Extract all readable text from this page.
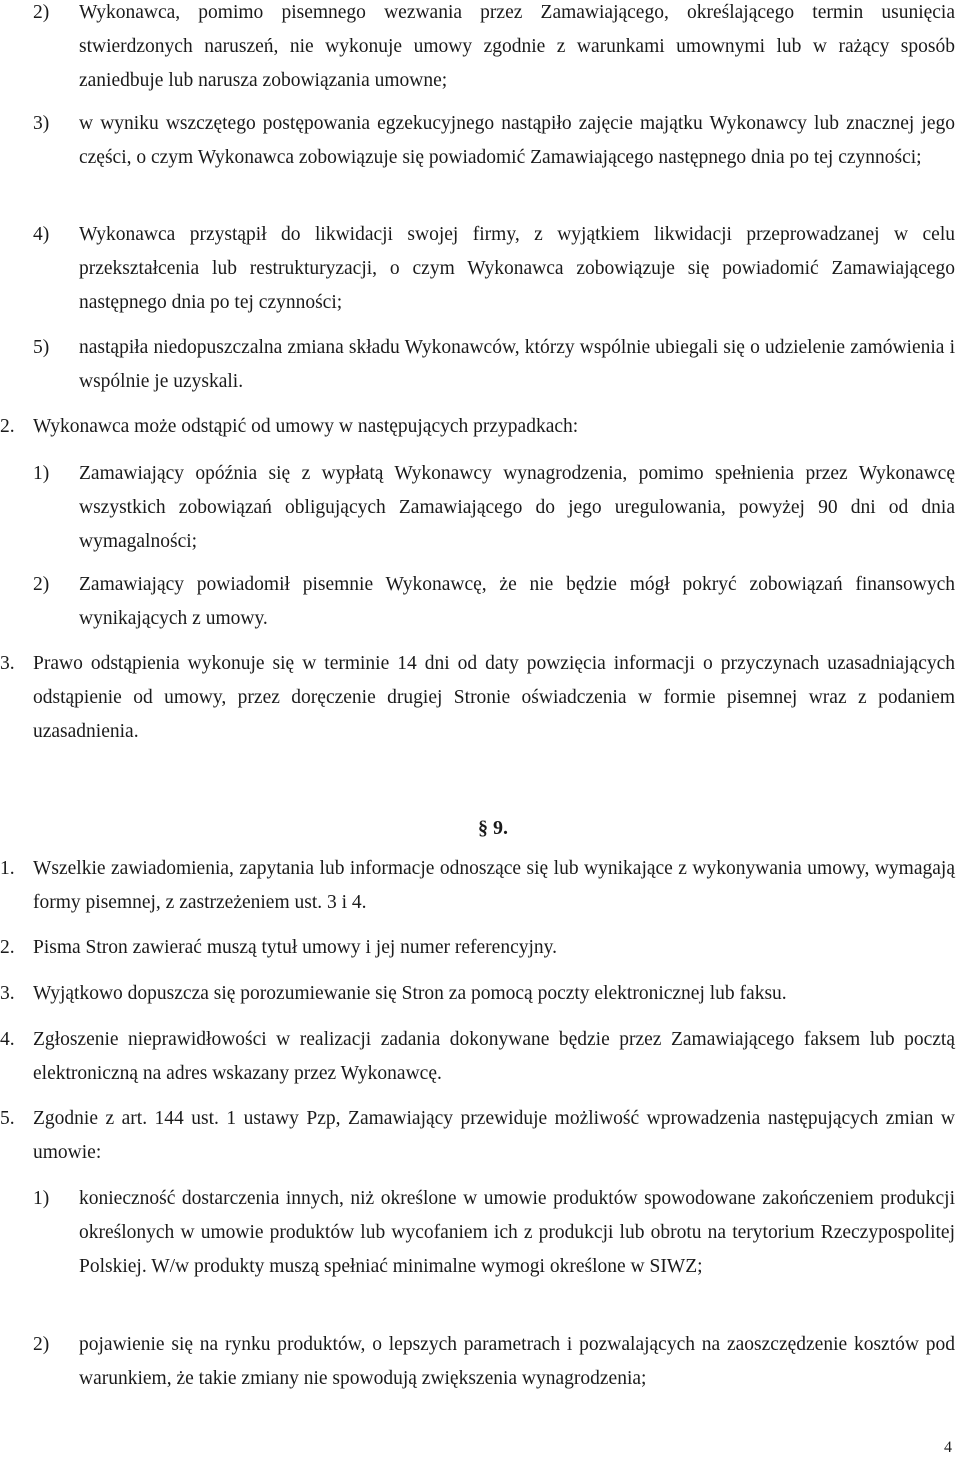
2) Wykonawca, pomimo pisemnego wezwania przez Zamawiającego, określającego termin usunięcia stwierdzonych naruszeń, nie wykonuje umowy zgodnie z warunkami umownymi lub w rażący sposób zaniedbuje lub narusza zobowiązania umowne;
3) w wyniku wszczętego postępowania egzekucyjnego nastąpiło zajęcie majątku Wykonawcy lub znacznej jego części, o czym Wykonawca zobowiązuje się powiadomić Zamawiającego następnego dnia po tej czynności;
4) Wykonawca przystąpił do likwidacji swojej firmy, z wyjątkiem likwidacji przeprowadzanej w celu przekształcenia lub restrukturyzacji, o czym Wykonawca zobowiązuje się powiadomić Zamawiającego następnego dnia po tej czynności;
5) nastąpiła niedopuszczalna zmiana składu Wykonawców, którzy wspólnie ubiegali się o udzielenie zamówienia i wspólnie je uzyskali.
2. Wykonawca może odstąpić od umowy w następujących przypadkach:
1) Zamawiający opóźnia się z wypłatą Wykonawcy wynagrodzenia, pomimo spełnienia przez Wykonawcę wszystkich zobowiązań obligujących Zamawiającego do jego uregulowania, powyżej 90 dni od dnia wymagalności;
2) Zamawiający powiadomił pisemnie Wykonawcę, że nie będzie mógł pokryć zobowiązań finansowych wynikających z umowy.
3. Prawo odstąpienia wykonuje się w terminie 14 dni od daty powzięcia informacji o przyczynach uzasadniających odstąpienie od umowy, przez doręczenie drugiej Stronie oświadczenia w formie pisemnej wraz z podaniem uzasadnienia.
§ 9.
1. Wszelkie zawiadomienia, zapytania lub informacje odnoszące się lub wynikające z wykonywania umowy, wymagają formy pisemnej, z zastrzeżeniem ust. 3 i 4.
2. Pisma Stron zawierać muszą tytuł umowy i jej numer referencyjny.
3. Wyjątkowo dopuszcza się porozumiewanie się Stron za pomocą poczty elektronicznej lub faksu.
4. Zgłoszenie nieprawidłowości w realizacji zadania dokonywane będzie przez Zamawiającego faksem lub pocztą elektroniczną na adres wskazany przez Wykonawcę.
5. Zgodnie z art. 144 ust. 1 ustawy Pzp, Zamawiający przewiduje możliwość wprowadzenia następujących zmian w umowie:
1) konieczność dostarczenia innych, niż określone w umowie produktów spowodowane zakończeniem produkcji określonych w umowie produktów lub wycofaniem ich z produkcji lub obrotu na terytorium Rzeczypospolitej Polskiej. W/w produkty muszą spełniać minimalne wymogi określone w SIWZ;
2) pojawienie się na rynku produktów, o lepszych parametrach i pozwalających na zaoszczędzenie kosztów pod warunkiem, że takie zmiany nie spowodują zwiększenia wynagrodzenia;
4
